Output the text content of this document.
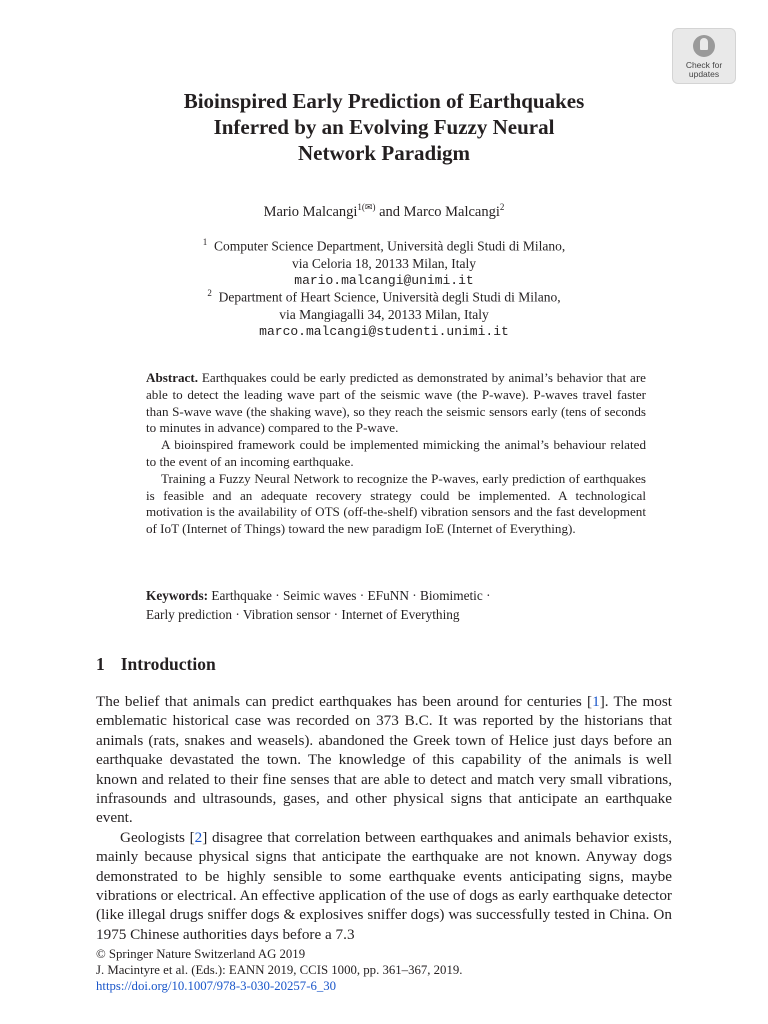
Check for
updates
Bioinspired Early Prediction of Earthquakes
Inferred by an Evolving Fuzzy Neural
Network Paradigm
Mario Malcangi$^{1(✉)}$ and Marco Malcangi$^2$
$^1$ Computer Science Department, Università degli Studi di Milano,
via Celoria 18, 20133 Milan, Italy
mario.malcangi@unimi.it
$^2$ Department of Heart Science, Università degli Studi di Milano,
via Mangiagalli 34, 20133 Milan, Italy
marco.malcangi@studenti.unimi.it

Abstract. Earthquakes could be early predicted as demonstrated by animal’s behavior that are able to detect the leading wave part of the seismic wave (the P-wave). P-waves travel faster than S-wave wave (the shaking wave), so they reach the seismic sensors early (tens of seconds to minutes in advance) compared to the P-wave.

A bioinspired framework could be implemented mimicking the animal’s behaviour related to the event of an incoming earthquake.

Training a Fuzzy Neural Network to recognize the P-waves, early prediction of earthquakes is feasible and an adequate recovery strategy could be implemented. A technological motivation is the availability of OTS (off-the-shelf) vibration sensors and the fast development of IoT (Internet of Things) toward the new paradigm IoE (Internet of Everything).

Keywords: Earthquake · Seimic waves · EFuNN · Biomimetic ·
Early prediction · Vibration sensor · Internet of Everything
1 Introduction

The belief that animals can predict earthquakes has been around for centuries [1]. The most emblematic historical case was recorded on 373 B.C. It was reported by the historians that animals (rats, snakes and weasels). abandoned the Greek town of Helice just days before an earthquake devastated the town. The knowledge of this capability of the animals is well known and related to their fine senses that are able to detect and match very small vibrations, infrasounds and ultrasounds, gases, and other physical signs that anticipate an earthquake event.

Geologists [2] disagree that correlation between earthquakes and animals behavior exists, mainly because physical signs that anticipate the earthquake are not known. Anyway dogs demonstrated to be highly sensible to some earthquake events anticipating signs, maybe vibrations or electrical. An effective application of the use of dogs as early earthquake detector (like illegal drugs sniffer dogs & explosives sniffer dogs) was successfully tested in China. On 1975 Chinese authorities days before a 7.3

© Springer Nature Switzerland AG 2019
J. Macintyre et al. (Eds.): EANN 2019, CCIS 1000, pp. 361–367, 2019.
https://doi.org/10.1007/978-3-030-20257-6_30
